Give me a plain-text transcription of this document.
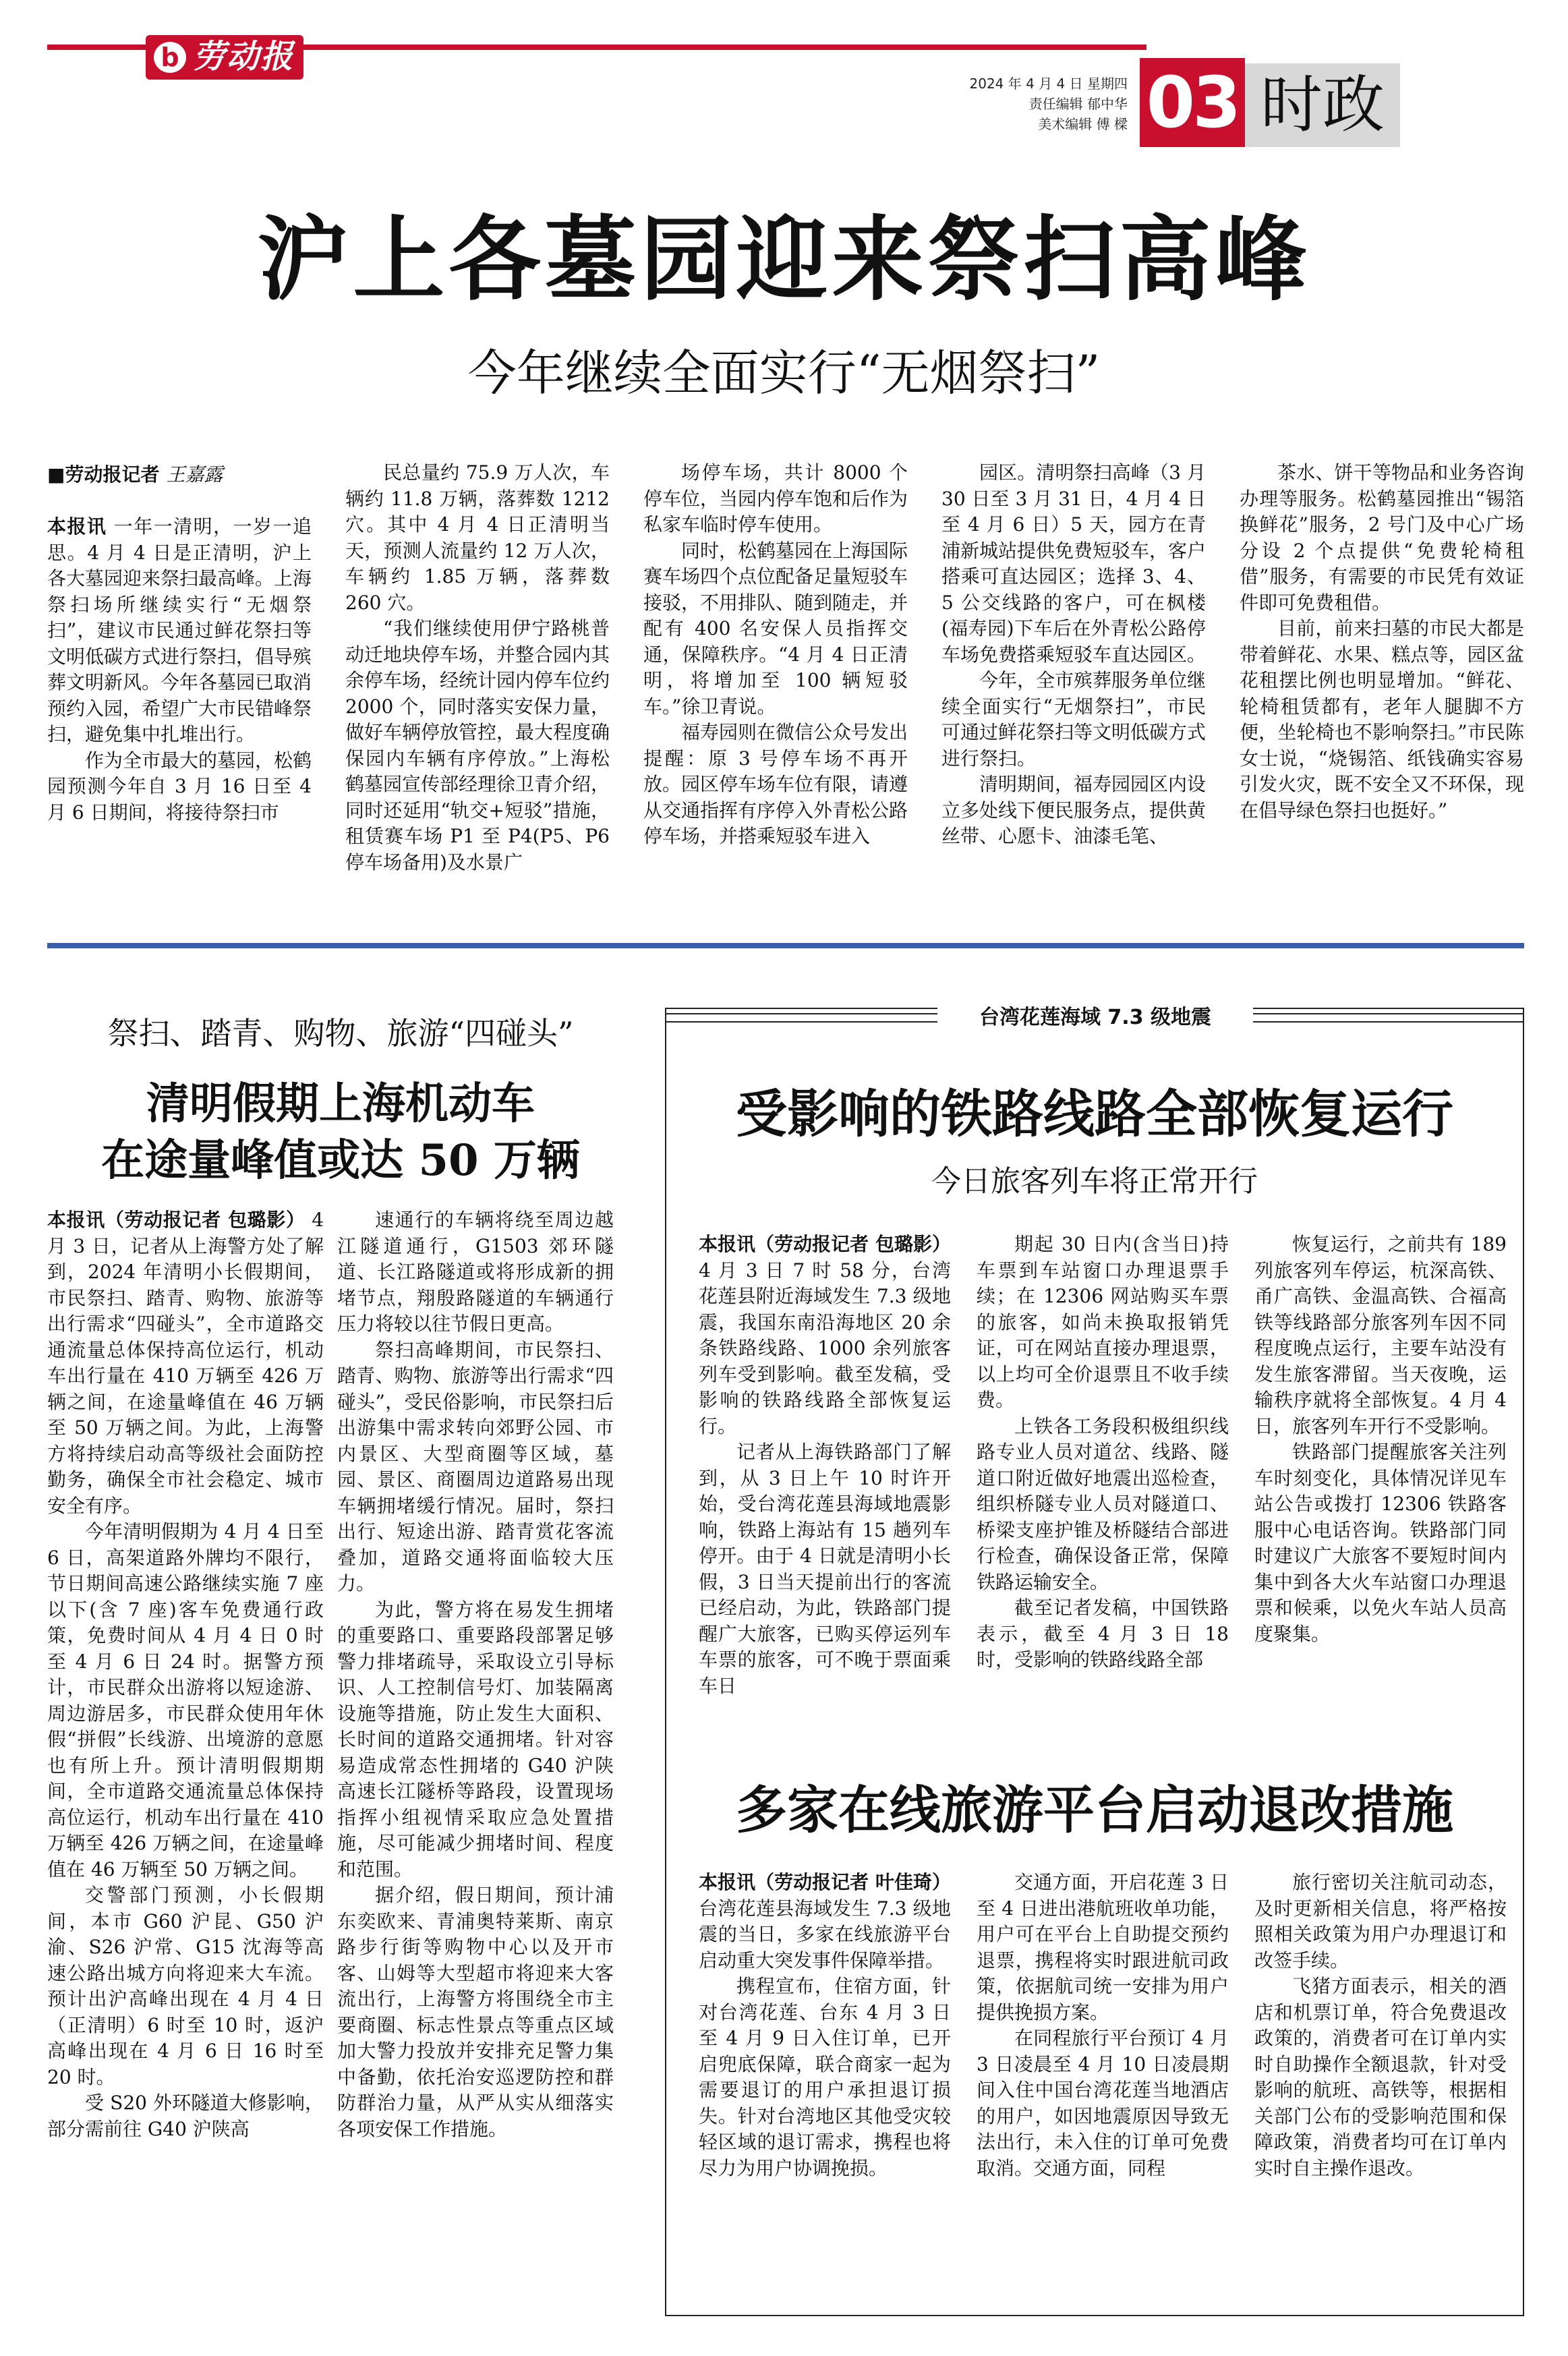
b 劳动报
2024 年 4 月 4 日 星期四
责任编辑 郁中华
美术编辑 傅 樑 03 时政
沪上各墓园迎来祭扫高峰
今年继续全面实行“无烟祭扫”
■劳动报记者 王嘉露
本报讯 一年一清明，一岁一追思。4 月 4 日是正清明，沪上各大墓园迎来祭扫最高峰。上海祭扫场所继续实行“无烟祭扫”，建议市民通过鲜花祭扫等文明低碳方式进行祭扫，倡导殡葬文明新风。今年各墓园已取消预约入园，希望广大市民错峰祭扫，避免集中扎堆出行。

作为全市最大的墓园，松鹤园预测今年自 3 月 16 日至 4 月 6 日期间，将接待祭扫市

民总量约 75.9 万人次，车辆约 11.8 万辆，落葬数 1212 穴。其中 4 月 4 日正清明当天，预测人流量约 12 万人次，车辆约 1.85 万辆，落葬数 260 穴。

“我们继续使用伊宁路桃普动迁地块停车场，并整合园内其余停车场，经统计园内停车位约 2000 个，同时落实安保力量，做好车辆停放管控，最大程度确保园内车辆有序停放。”上海松鹤墓园宣传部经理徐卫青介绍，同时还延用“轨交+短驳”措施，租赁赛车场 P1 至 P4(P5、P6 停车场备用)及水景广

场停车场，共计 8000 个停车位，当园内停车饱和后作为私家车临时停车使用。

同时，松鹤墓园在上海国际赛车场四个点位配备足量短驳车接驳，不用排队、随到随走，并配有 400 名安保人员指挥交通，保障秩序。“4 月 4 日正清明，将增加至 100 辆短驳车。”徐卫青说。

福寿园则在微信公众号发出提醒：原 3 号停车场不再开放。园区停车场车位有限，请遵从交通指挥有序停入外青松公路停车场，并搭乘短驳车进入

园区。清明祭扫高峰（3 月 30 日至 3 月 31 日，4 月 4 日至 4 月 6 日）5 天，园方在青浦新城站提供免费短驳车，客户搭乘可直达园区；选择 3、4、5 公交线路的客户，可在枫楼(福寿园)下车后在外青松公路停车场免费搭乘短驳车直达园区。

今年，全市殡葬服务单位继续全面实行“无烟祭扫”，市民可通过鲜花祭扫等文明低碳方式进行祭扫。

清明期间，福寿园园区内设立多处线下便民服务点，提供黄丝带、心愿卡、油漆毛笔、

茶水、饼干等物品和业务咨询办理等服务。松鹤墓园推出“锡箔换鲜花”服务，2 号门及中心广场分设 2 个点提供“免费轮椅租借”服务，有需要的市民凭有效证件即可免费租借。

目前，前来扫墓的市民大都是带着鲜花、水果、糕点等，园区盆花租摆比例也明显增加。“鲜花、轮椅租赁都有，老年人腿脚不方便，坐轮椅也不影响祭扫。”市民陈女士说，“烧锡箔、纸钱确实容易引发火灾，既不安全又不环保，现在倡导绿色祭扫也挺好。”

祭扫、踏青、购物、旅游“四碰头”
清明假期上海机动车
在途量峰值或达 50 万辆
本报讯（劳动报记者 包璐影） 4 月 3 日，记者从上海警方处了解到，2024 年清明小长假期间，市民祭扫、踏青、购物、旅游等出行需求“四碰头”，全市道路交通流量总体保持高位运行，机动车出行量在 410 万辆至 426 万辆之间，在途量峰值在 46 万辆至 50 万辆之间。为此，上海警方将持续启动高等级社会面防控勤务，确保全市社会稳定、城市安全有序。

今年清明假期为 4 月 4 日至 6 日，高架道路外牌均不限行，节日期间高速公路继续实施 7 座以下(含 7 座)客车免费通行政策，免费时间从 4 月 4 日 0 时至 4 月 6 日 24 时。据警方预计，市民群众出游将以短途游、周边游居多，市民群众使用年休假“拼假”长线游、出境游的意愿也有所上升。预计清明假期期间，全市道路交通流量总体保持高位运行，机动车出行量在 410 万辆至 426 万辆之间，在途量峰值在 46 万辆至 50 万辆之间。

交警部门预测，小长假期间，本市 G60 沪昆、G50 沪渝、S26 沪常、G15 沈海等高速公路出城方向将迎来大车流。预计出沪高峰出现在 4 月 4 日（正清明）6 时至 10 时，返沪高峰出现在 4 月 6 日 16 时至 20 时。

受 S20 外环隧道大修影响，部分需前往 G40 沪陕高

速通行的车辆将绕至周边越江隧道通行，G1503 郊环隧道、长江路隧道或将形成新的拥堵节点，翔殷路隧道的车辆通行压力将较以往节假日更高。

祭扫高峰期间，市民祭扫、踏青、购物、旅游等出行需求“四碰头”，受民俗影响，市民祭扫后出游集中需求转向郊野公园、市内景区、大型商圈等区域，墓园、景区、商圈周边道路易出现车辆拥堵缓行情况。届时，祭扫出行、短途出游、踏青赏花客流叠加，道路交通将面临较大压力。

为此，警方将在易发生拥堵的重要路口、重要路段部署足够警力排堵疏导，采取设立引导标识、人工控制信号灯、加装隔离设施等措施，防止发生大面积、长时间的道路交通拥堵。针对容易造成常态性拥堵的 G40 沪陕高速长江隧桥等路段，设置现场指挥小组视情采取应急处置措施，尽可能减少拥堵时间、程度和范围。

据介绍，假日期间，预计浦东奕欧来、青浦奥特莱斯、南京路步行街等购物中心以及开市客、山姆等大型超市将迎来大客流出行，上海警方将围绕全市主要商圈、标志性景点等重点区域加大警力投放并安排充足警力集中备勤，依托治安巡逻防控和群防群治力量，从严从实从细落实各项安保工作措施。

台湾花莲海域 7.3 级地震
受影响的铁路线路全部恢复运行
今日旅客列车将正常开行
本报讯（劳动报记者 包璐影） 4 月 3 日 7 时 58 分，台湾花莲县附近海域发生 7.3 级地震，我国东南沿海地区 20 余条铁路线路、1000 余列旅客列车受到影响。截至发稿，受影响的铁路线路全部恢复运行。

记者从上海铁路部门了解到，从 3 日上午 10 时许开始，受台湾花莲县海域地震影响，铁路上海站有 15 趟列车停开。由于 4 日就是清明小长假，3 日当天提前出行的客流已经启动，为此，铁路部门提醒广大旅客，已购买停运列车车票的旅客，可不晚于票面乘车日

期起 30 日内(含当日)持车票到车站窗口办理退票手续；在 12306 网站购买车票的旅客，如尚未换取报销凭证，可在网站直接办理退票，以上均可全价退票且不收手续费。

上铁各工务段积极组织线路专业人员对道岔、线路、隧道口附近做好地震出巡检查，组织桥隧专业人员对隧道口、桥梁支座护锥及桥隧结合部进行检查，确保设备正常，保障铁路运输安全。

截至记者发稿，中国铁路表示，截至 4 月 3 日 18 时，受影响的铁路线路全部

恢复运行，之前共有 189 列旅客列车停运，杭深高铁、甬广高铁、金温高铁、合福高铁等线路部分旅客列车因不同程度晚点运行，主要车站没有发生旅客滞留。当天夜晚，运输秩序就将全部恢复。4 月 4 日，旅客列车开行不受影响。

铁路部门提醒旅客关注列车时刻变化，具体情况详见车站公告或拨打 12306 铁路客服中心电话咨询。铁路部门同时建议广大旅客不要短时间内集中到各大火车站窗口办理退票和候乘，以免火车站人员高度聚集。

多家在线旅游平台启动退改措施
本报讯（劳动报记者 叶佳琦） 台湾花莲县海域发生 7.3 级地震的当日，多家在线旅游平台启动重大突发事件保障举措。

携程宣布，住宿方面，针对台湾花莲、台东 4 月 3 日至 4 月 9 日入住订单，已开启兜底保障，联合商家一起为需要退订的用户承担退订损失。针对台湾地区其他受灾较轻区域的退订需求，携程也将尽力为用户协调挽损。

交通方面，开启花莲 3 日至 4 日进出港航班收单功能，用户可在平台上自助提交预约退票，携程将实时跟进航司政策，依据航司统一安排为用户提供挽损方案。

在同程旅行平台预订 4 月 3 日凌晨至 4 月 10 日凌晨期间入住中国台湾花莲当地酒店的用户，如因地震原因导致无法出行，未入住的订单可免费取消。交通方面，同程

旅行密切关注航司动态，及时更新相关信息，将严格按照相关政策为用户办理退订和改签手续。

飞猪方面表示，相关的酒店和机票订单，符合免费退改政策的，消费者可在订单内实时自助操作全额退款，针对受影响的航班、高铁等，根据相关部门公布的受影响范围和保障政策，消费者均可在订单内实时自主操作退改。
